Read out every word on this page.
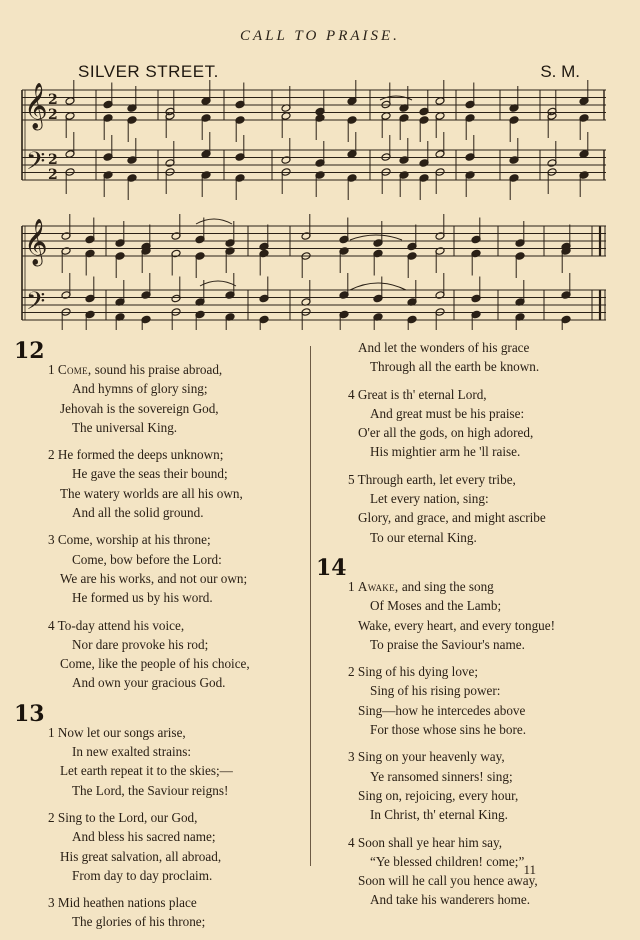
CALL TO PRAISE.
SILVER STREET.	S. M.
𝄞
𝄢
2
2
2
2
𝄞
𝄢
12
1 Come, sound his praise abroad,
And hymns of glory sing;
Jehovah is the sovereign God,
The universal King.
2 He formed the deeps unknown;
He gave the seas their bound;
The watery worlds are all his own,
And all the solid ground.
3 Come, worship at his throne;
Come, bow before the Lord:
We are his works, and not our own;
He formed us by his word.
4 To-day attend his voice,
Nor dare provoke his rod;
Come, like the people of his choice,
And own your gracious God.
13
1 Now let our songs arise,
In new exalted strains:
Let earth repeat it to the skies;—
The Lord, the Saviour reigns!
2 Sing to the Lord, our God,
And bless his sacred name;
His great salvation, all abroad,
From day to day proclaim.
3 Mid heathen nations place
The glories of his throne;
And let the wonders of his grace
Through all the earth be known.
4 Great is th' eternal Lord,
And great must be his praise:
O'er all the gods, on high adored,
His mightier arm he 'll raise.
5 Through earth, let every tribe,
Let every nation, sing:
Glory, and grace, and might ascribe
To our eternal King.
14
1 Awake, and sing the song
Of Moses and the Lamb;
Wake, every heart, and every tongue!
To praise the Saviour's name.
2 Sing of his dying love;
Sing of his rising power:
Sing—how he intercedes above
For those whose sins he bore.
3 Sing on your heavenly way,
Ye ransomed sinners! sing;
Sing on, rejoicing, every hour,
In Christ, th' eternal King.
4 Soon shall ye hear him say,
“Ye blessed children! come;”
Soon will he call you hence away,
And take his wanderers home.
11
